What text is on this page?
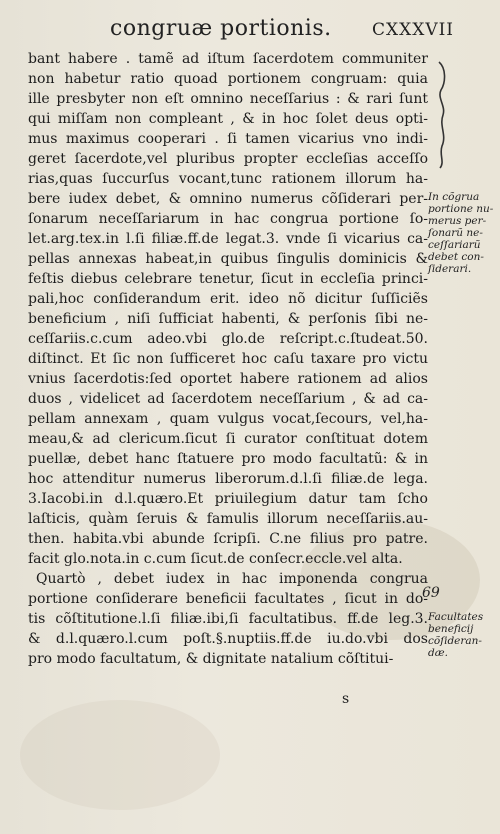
congruæ portionis. CXXXVII
bant habere . tamẽ ad iſtum ſacerdotem communiter
non habetur ratio quoad portionem congruam: quia
ille presbyter non eſt omnino neceſſarius : & rari ſunt
qui miſſam non compleant , & in hoc ſolet deus opti-
mus maximus cooperari . ſi tamen vicarius vno indi-
geret ſacerdote,vel pluribus propter eccleſias acceſſo
rias,quas ſuccurſus vocant,tunc rationem illorum ha-
bere iudex debet, & omnino numerus cõſiderari per-
ſonarum neceſſariarum in hac congrua portione ſo-
let.arg.tex.in l.ſi filiæ.ff.de legat.3. vnde ſi vicarius ca-
pellas annexas habeat,in quibus ſingulis dominicis &
feſtis diebus celebrare tenetur, ſicut in eccleſia princi-
pali,hoc conſiderandum erit. ideo nõ dicitur ſuſſiciẽs
beneficium , niſi ſufficiat habenti, & perſonis ſibi ne-
ceſſariis.c.cum adeo.vbi glo.de reſcript.c.ſtudeat.50.
diſtinct. Et ſic non ſufficeret hoc caſu taxare pro victu
vnius ſacerdotis:ſed oportet habere rationem ad alios
duos , videlicet ad ſacerdotem neceſſarium , & ad ca-
pellam annexam , quam vulgus vocat,ſecours, vel,ha-
meau,& ad clericum.ſicut ſi curator conſtituat dotem
puellæ, debet hanc ſtatuere pro modo facultatũ: & in
hoc attenditur numerus liberorum.d.l.ſi filiæ.de lega.
3.Iacobi.in d.l.quæro.Et priuilegium datur tam ſcho
laſticis, quàm ſeruis & famulis illorum neceſſariis.au-
then. habita.vbi abunde ſcripſi. C.ne filius pro patre.
facit glo.nota.in c.cum ſicut.de conſecr.eccle.vel alta.
Quartò , debet iudex in hac imponenda congrua
portione conſiderare beneficii facultates , ſicut in do-
tis cõſtitutione.l.ſi filiæ.ibi,ſi facultatibus. ff.de leg.3.
& d.l.quæro.l.cum poſt.§.nuptiis.ff.de iu.do.vbi dos
pro modo facultatum, & dignitate natalium cõſtitui-
In cõgrua
portione nu-
merus per-
ſonarũ ne-
ceſſariarũ
debet con-
ſiderari.
69
Facultates
beneficij
cõſideran-
dæ.
s
